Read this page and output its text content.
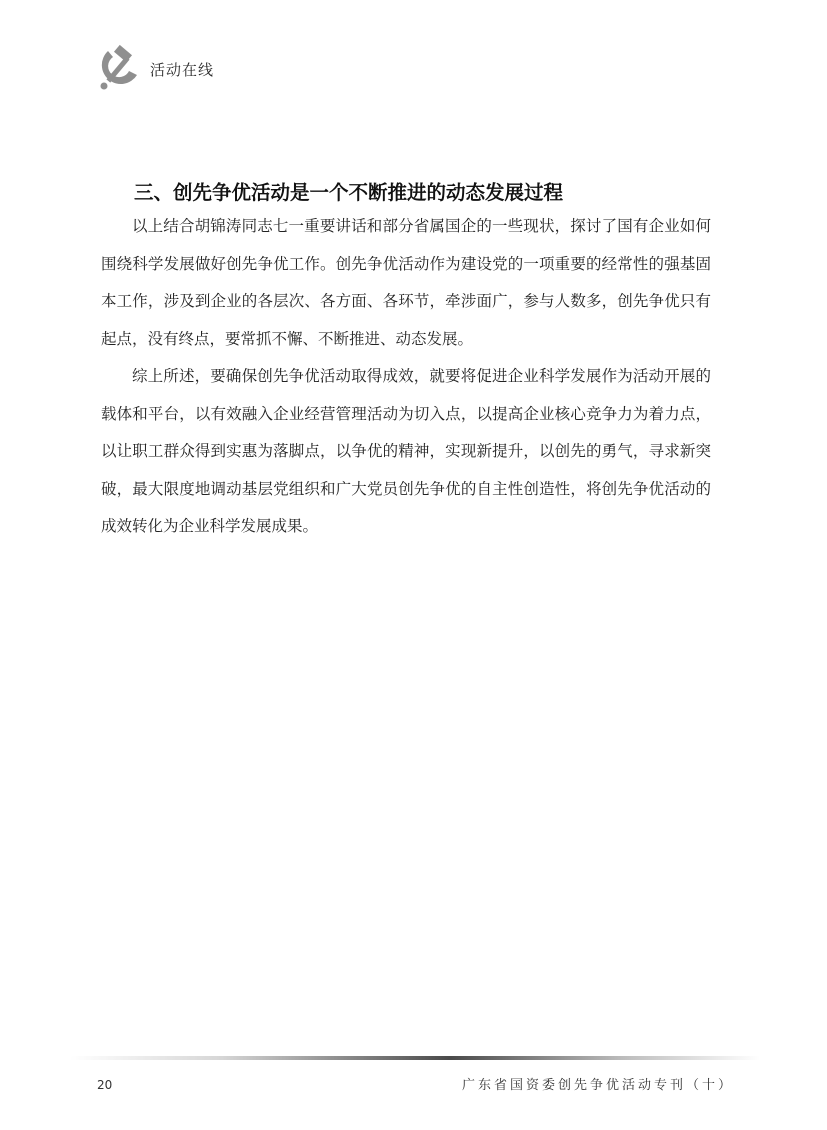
活动在线
三、创先争优活动是一个不断推进的动态发展过程

以上结合胡锦涛同志七一重要讲话和部分省属国企的一些现状，探讨了国有企业如何围绕科学发展做好创先争优工作。创先争优活动作为建设党的一项重要的经常性的强基固本工作，涉及到企业的各层次、各方面、各环节，牵涉面广，参与人数多，创先争优只有起点，没有终点，要常抓不懈、不断推进、动态发展。

综上所述，要确保创先争优活动取得成效，就要将促进企业科学发展作为活动开展的载体和平台，以有效融入企业经营管理活动为切入点，以提高企业核心竞争力为着力点，以让职工群众得到实惠为落脚点，以争优的精神，实现新提升，以创先的勇气，寻求新突破，最大限度地调动基层党组织和广大党员创先争优的自主性创造性，将创先争优活动的成效转化为企业科学发展成果。

20	广东省国资委创先争优活动专刊（十）
